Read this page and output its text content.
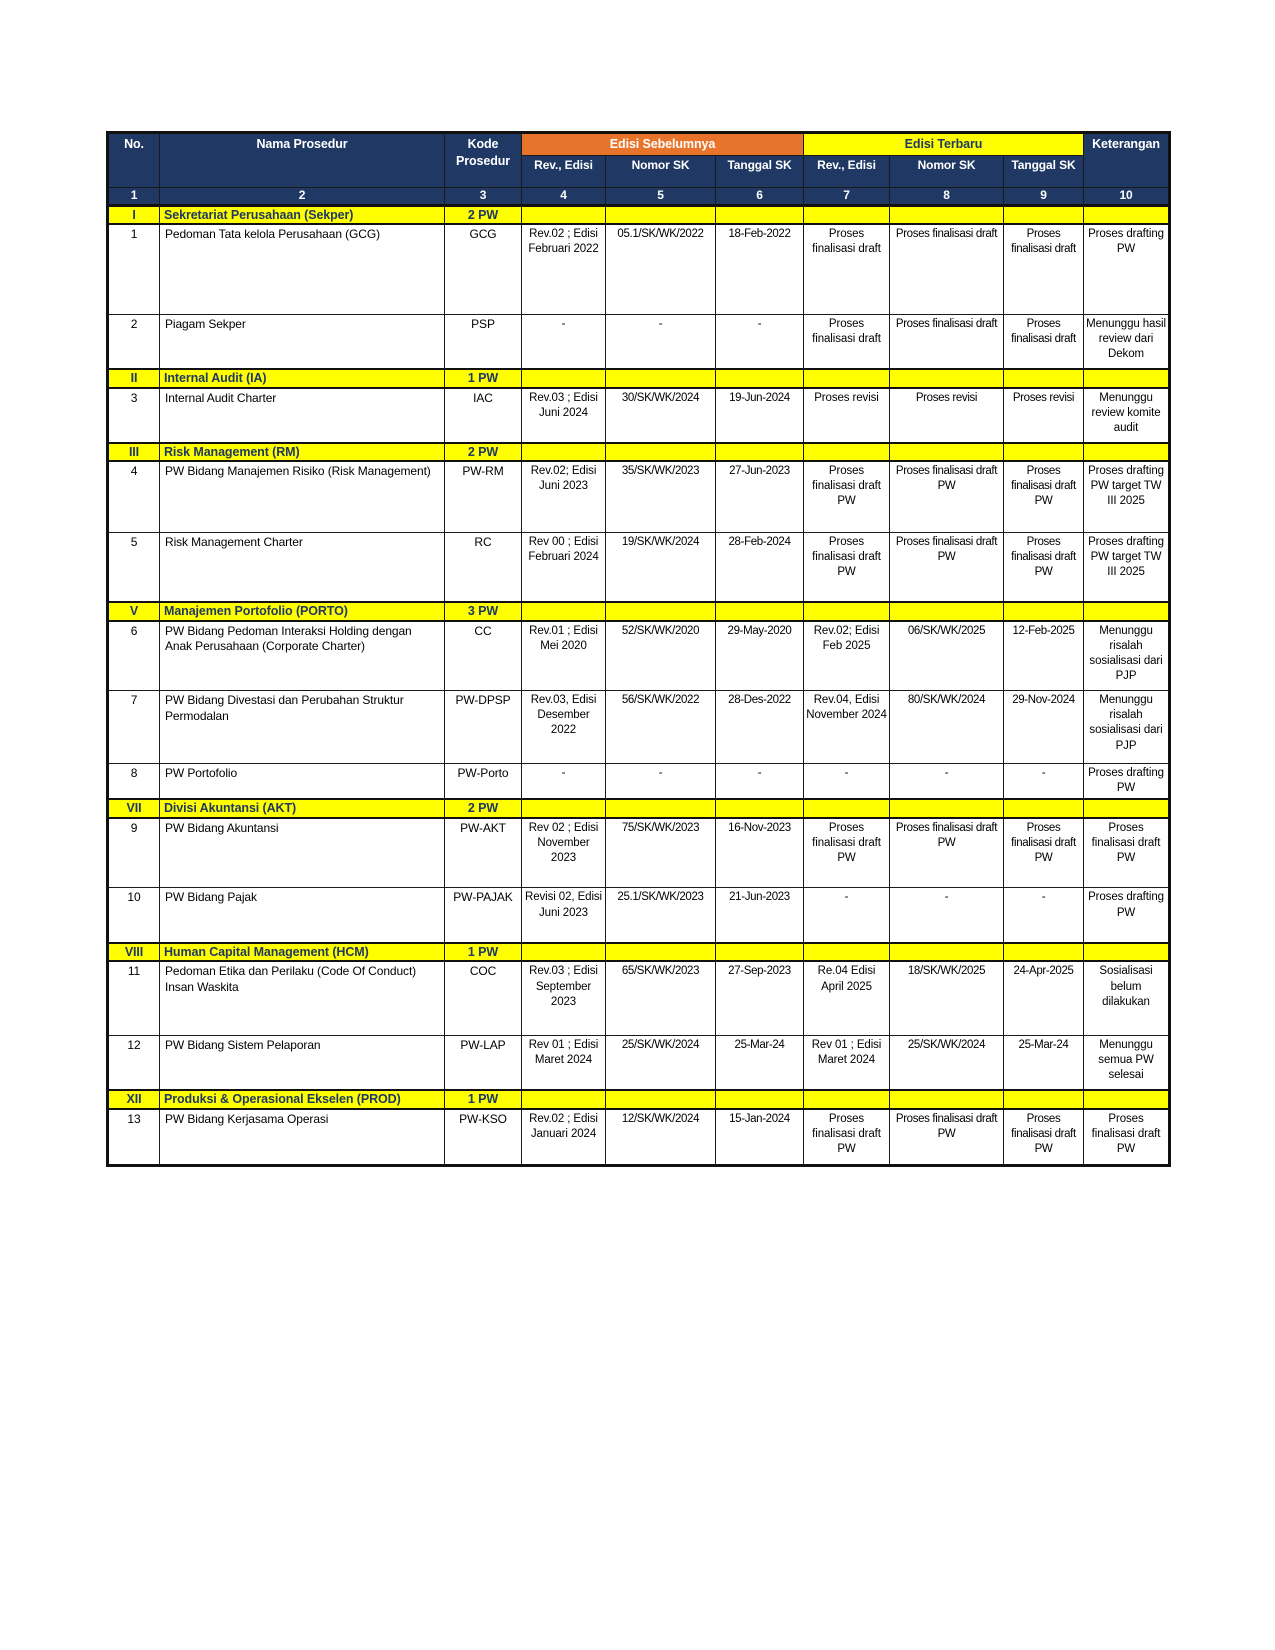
No.	Nama Prosedur	Kode Prosedur	Edisi Sebelumnya			Edisi Terbaru			Keterangan
			Rev., Edisi	Nomor SK	Tanggal SK	Rev., Edisi	Nomor SK	Tanggal SK	
1	2	3	4	5	6	7	8	9	10
I	Sekretariat Perusahaan (Sekper)	2 PW							
1	Pedoman Tata kelola Perusahaan (GCG)	GCG	Rev.02 ; Edisi Februari 2022	05.1/SK/WK/2022	18-Feb-2022	Proses finalisasi draft	Proses finalisasi draft	Proses finalisasi draft	Proses drafting PW
2	Piagam Sekper	PSP	-	-	-	Proses finalisasi draft	Proses finalisasi draft	Proses finalisasi draft	Menunggu hasil review dari Dekom
II	Internal Audit (IA)	1 PW							
3	Internal Audit Charter	IAC	Rev.03 ; Edisi Juni 2024	30/SK/WK/2024	19-Jun-2024	Proses revisi	Proses revisi	Proses revisi	Menunggu review komite audit
III	Risk Management (RM)	2 PW							
4	PW Bidang Manajemen Risiko (Risk Management)	PW-RM	Rev.02; Edisi Juni 2023	35/SK/WK/2023	27-Jun-2023	Proses finalisasi draft PW	Proses finalisasi draft PW	Proses finalisasi draft PW	Proses drafting PW target TW III 2025
5	Risk Management Charter	RC	Rev 00 ; Edisi Februari 2024	19/SK/WK/2024	28-Feb-2024	Proses finalisasi draft PW	Proses finalisasi draft PW	Proses finalisasi draft PW	Proses drafting PW target TW III 2025
V	Manajemen Portofolio (PORTO)	3 PW							
6	PW Bidang Pedoman Interaksi Holding dengan Anak Perusahaan (Corporate Charter)	CC	Rev.01 ; Edisi Mei 2020	52/SK/WK/2020	29-May-2020	Rev.02; Edisi Feb 2025	06/SK/WK/2025	12-Feb-2025	Menunggu risalah sosialisasi dari PJP
7	PW Bidang Divestasi dan Perubahan Struktur Permodalan	PW-DPSP	Rev.03, Edisi Desember 2022	56/SK/WK/2022	28-Des-2022	Rev.04, Edisi November 2024	80/SK/WK/2024	29-Nov-2024	Menunggu risalah sosialisasi dari PJP
8	PW Portofolio	PW-Porto	-	-	-	-	-	-	Proses drafting PW
VII	Divisi Akuntansi (AKT)	2 PW							
9	PW Bidang Akuntansi	PW-AKT	Rev 02 ; Edisi November 2023	75/SK/WK/2023	16-Nov-2023	Proses finalisasi draft PW	Proses finalisasi draft PW	Proses finalisasi draft PW	Proses finalisasi draft PW
10	PW Bidang Pajak	PW-PAJAK	Revisi 02, Edisi Juni 2023	25.1/SK/WK/2023	21-Jun-2023	-	-	-	Proses drafting PW
VIII	Human Capital Management (HCM)	1 PW							
11	Pedoman Etika dan Perilaku (Code Of Conduct) Insan Waskita	COC	Rev.03 ; Edisi September 2023	65/SK/WK/2023	27-Sep-2023	Re.04 Edisi April 2025	18/SK/WK/2025	24-Apr-2025	Sosialisasi belum dilakukan
12	PW Bidang Sistem Pelaporan	PW-LAP	Rev 01 ; Edisi Maret 2024	25/SK/WK/2024	25-Mar-24	Rev 01 ; Edisi Maret 2024	25/SK/WK/2024	25-Mar-24	Menunggu semua PW selesai
XII	Produksi & Operasional Ekselen (PROD)	1 PW							
13	PW Bidang Kerjasama Operasi	PW-KSO	Rev.02 ; Edisi Januari 2024	12/SK/WK/2024	15-Jan-2024	Proses finalisasi draft PW	Proses finalisasi draft PW	Proses finalisasi draft PW	Proses finalisasi draft PW
